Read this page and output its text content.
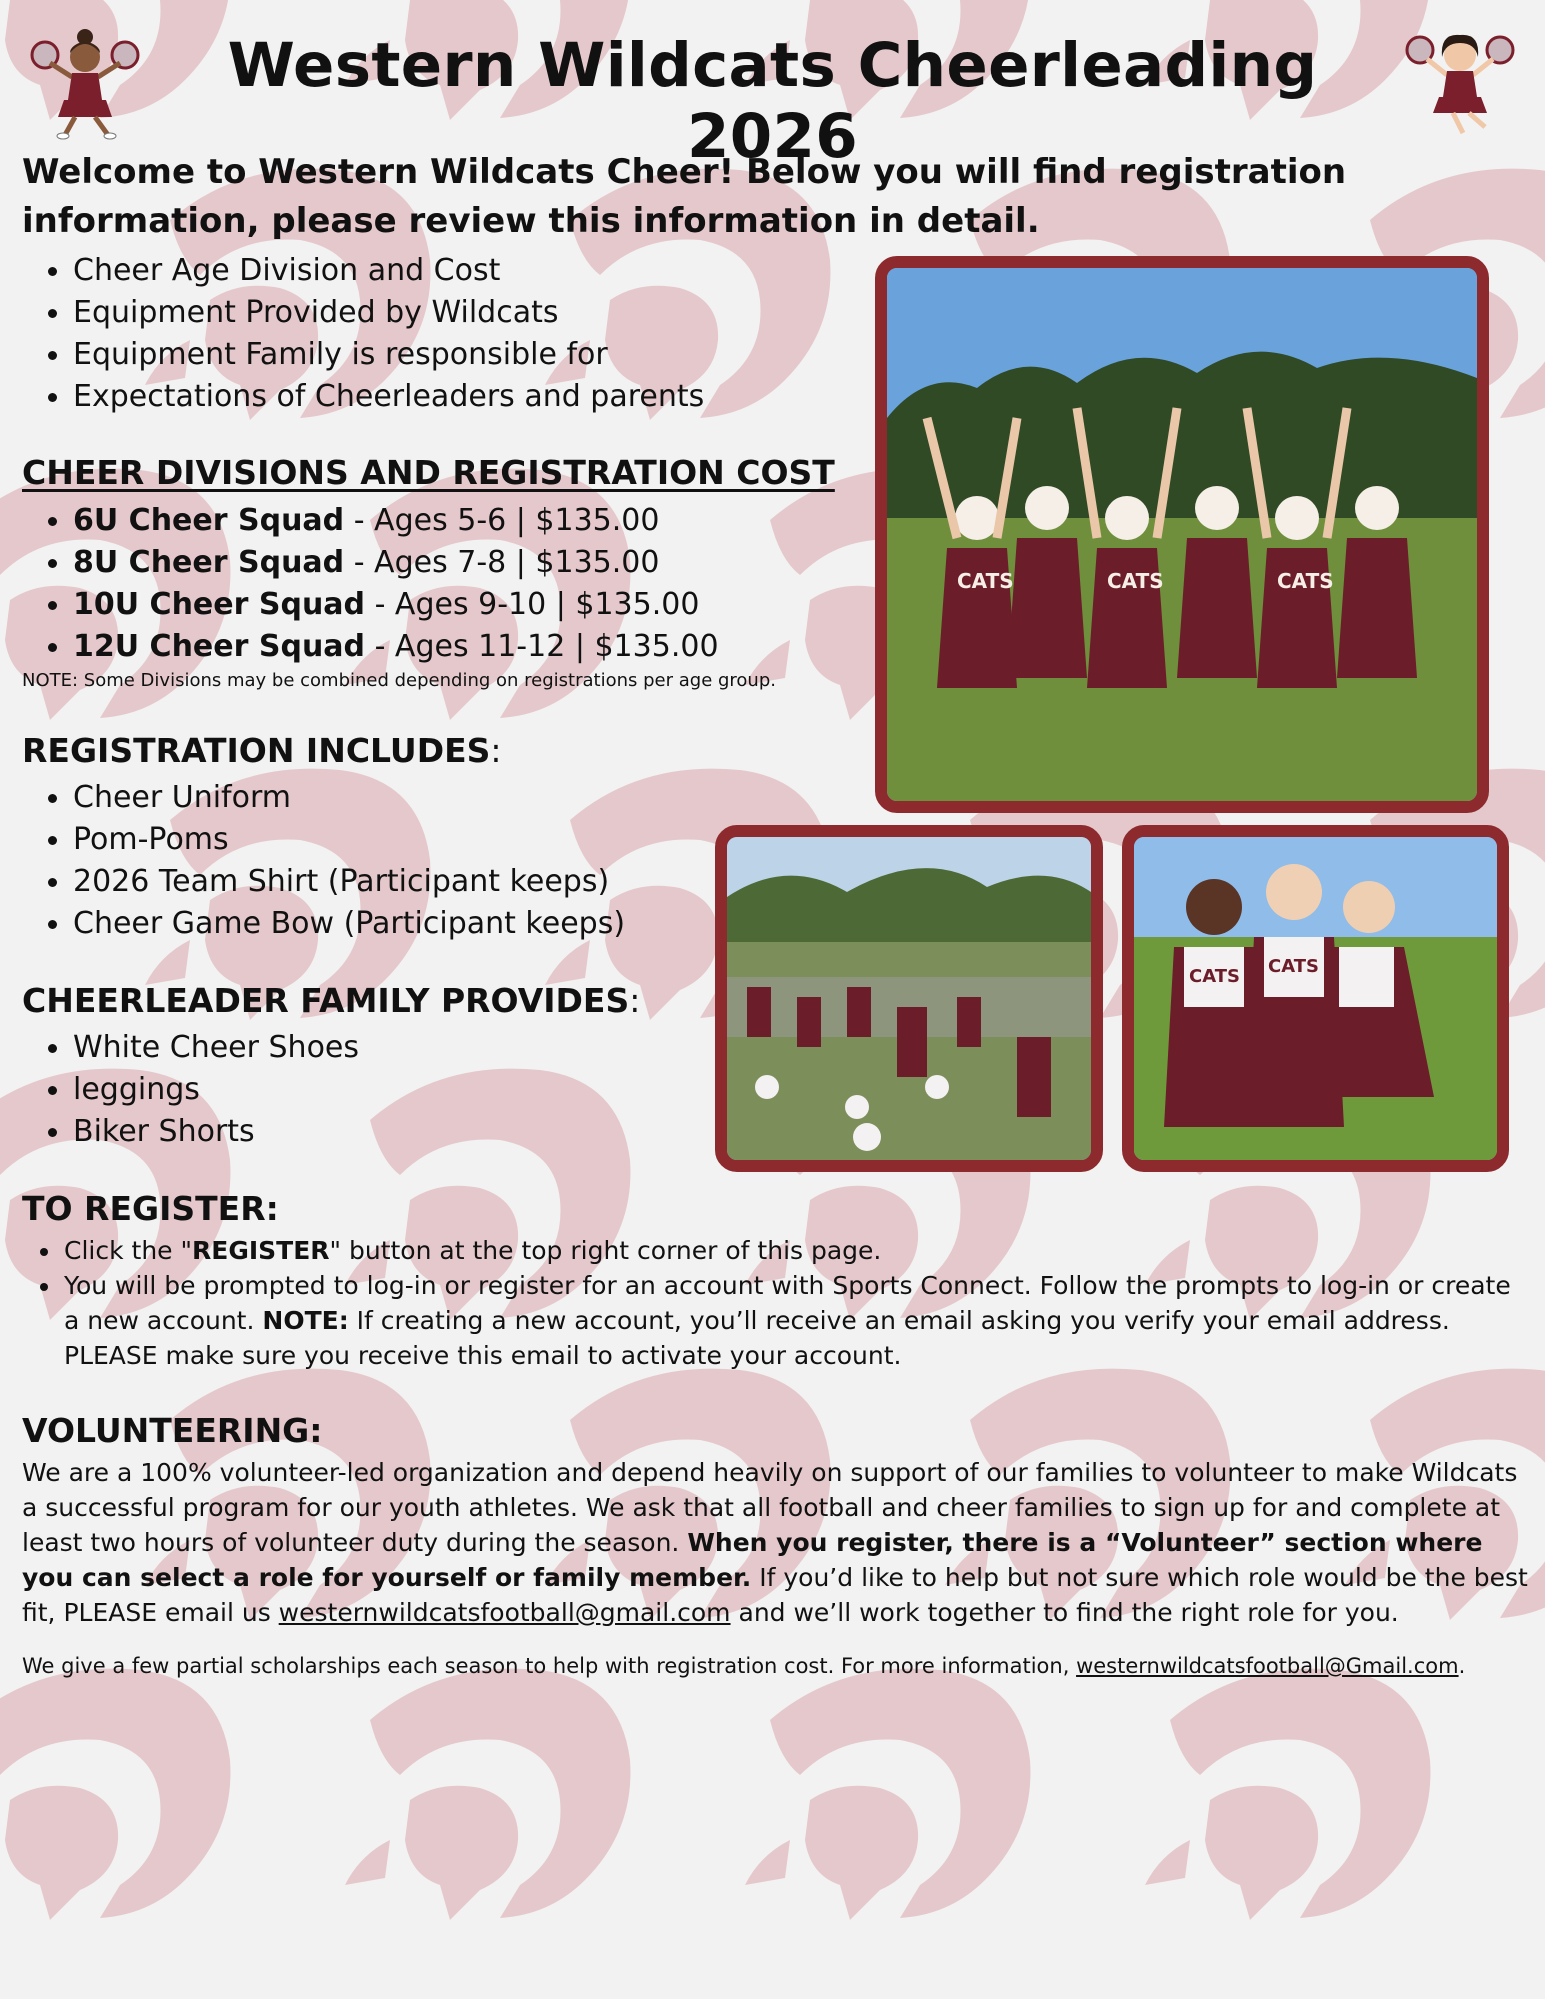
Western Wildcats Cheerleading 2026

Welcome to Western Wildcats Cheer! Below you will find registration information, please review this information in detail.

Cheer Age Division and Cost
Equipment Provided by Wildcats
Equipment Family is responsible for
Expectations of Cheerleaders and parents
CHEER DIVISIONS AND REGISTRATION COST
6U Cheer Squad - Ages 5-6 | $135.00
8U Cheer Squad - Ages 7-8 | $135.00
10U Cheer Squad - Ages 9-10 | $135.00
12U Cheer Squad - Ages 11-12 | $135.00

NOTE: Some Divisions may be combined depending on registrations per age group.

REGISTRATION INCLUDES:
Cheer Uniform
Pom-Poms
2026 Team Shirt (Participant keeps)
Cheer Game Bow (Participant keeps)
CHEERLEADER FAMILY PROVIDES:
White Cheer Shoes
leggings
Biker Shorts
TO REGISTER:
Click the "REGISTER" button at the top right corner of this page.
You will be prompted to log-in or register for an account with Sports Connect. Follow the prompts to log-in or create a new account. NOTE: If creating a new account, you’ll receive an email asking you verify your email address. PLEASE make sure you receive this email to activate your account.
VOLUNTEERING:

We are a 100% volunteer-led organization and depend heavily on support of our families to volunteer to make Wildcats a successful program for our youth athletes. We ask that all football and cheer families to sign up for and complete at least two hours of volunteer duty during the season. When you register, there is a “Volunteer” section where you can select a role for yourself or family member. If you’d like to help but not sure which role would be the best fit, PLEASE email us westernwildcatsfootball@gmail.com and we’ll work together to find the right role for you.

We give a few partial scholarships each season to help with registration cost. For more information, westernwildcatsfootball@Gmail.com.

CATS	CATS	CATS
CATS CATS
